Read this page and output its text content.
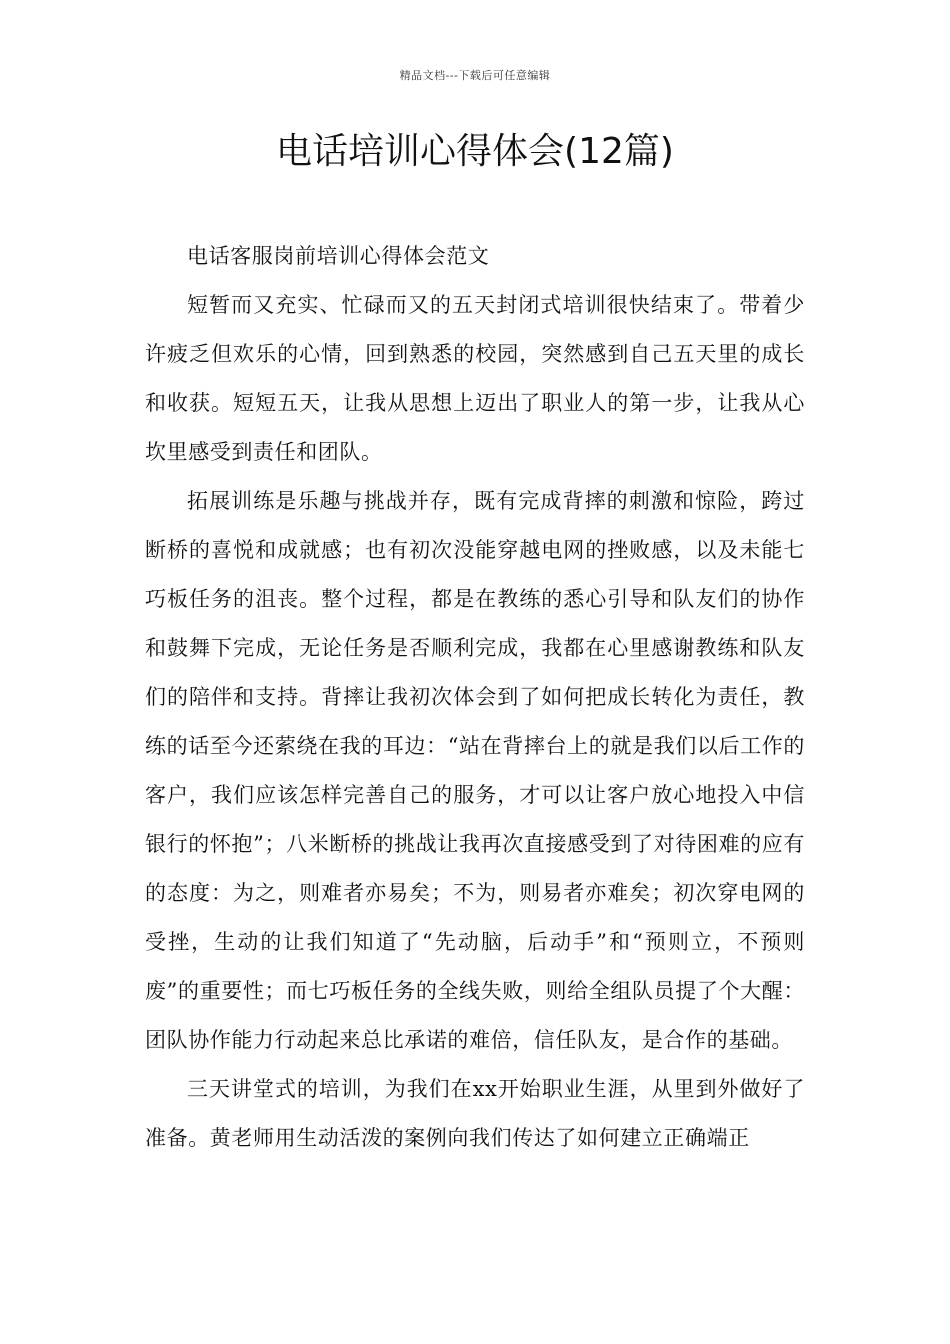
精品文档---下载后可任意编辑
电话培训心得体会(12篇)

电话客服岗前培训心得体会范文

短暂而又充实、忙碌而又的五天封闭式培训很快结束了。带着少许疲乏但欢乐的心情，回到熟悉的校园，突然感到自己五天里的成长和收获。短短五天，让我从思想上迈出了职业人的第一步，让我从心坎里感受到责任和团队。

拓展训练是乐趣与挑战并存，既有完成背摔的刺激和惊险，跨过断桥的喜悦和成就感；也有初次没能穿越电网的挫败感，以及未能七巧板任务的沮丧。整个过程，都是在教练的悉心引导和队友们的协作和鼓舞下完成，无论任务是否顺利完成，我都在心里感谢教练和队友们的陪伴和支持。背摔让我初次体会到了如何把成长转化为责任，教练的话至今还萦绕在我的耳边：“站在背摔台上的就是我们以后工作的客户，我们应该怎样完善自己的服务，才可以让客户放心地投入中信银行的怀抱”；八米断桥的挑战让我再次直接感受到了对待困难的应有的态度：为之，则难者亦易矣；不为，则易者亦难矣；初次穿电网的受挫，生动的让我们知道了“先动脑，后动手”和“预则立，不预则废”的重要性；而七巧板任务的全线失败，则给全组队员提了个大醒：团队协作能力行动起来总比承诺的难倍，信任队友，是合作的基础。

三天讲堂式的培训，为我们在xx开始职业生涯，从里到外做好了准备。黄老师用生动活泼的案例向我们传达了如何建立正确端正
